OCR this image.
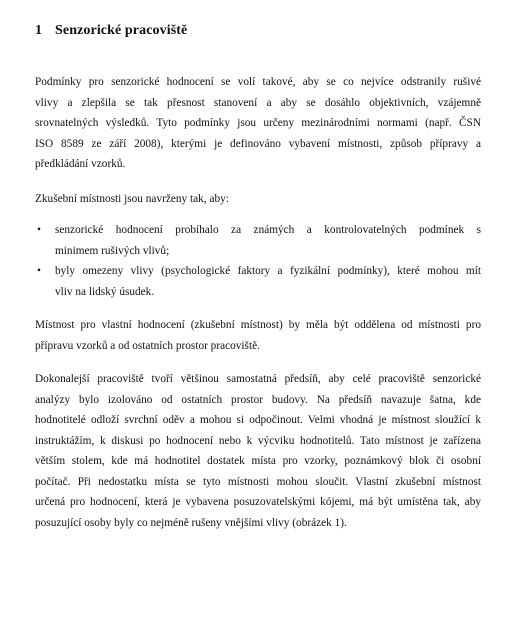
1 Senzorické pracoviště
Podmínky pro senzorické hodnocení se volí takové, aby se co nejvíce odstranily rušivé
vlivy a zlepšila se tak přesnost stanovení a aby se dosáhlo objektivních, vzájemně
srovnatelných výsledků. Tyto podmínky jsou určeny mezinárodními normami (např. ČSN
ISO 8589 ze září 2008), kterými je definováno vybavení místnosti, způsob přípravy a
předkládání vzorků.
Zkušební místnosti jsou navrženy tak, aby:
• senzorické hodnocení probíhalo za známých a kontrolovatelných podmínek s
minimem rušivých vlivů;
• byly omezeny vlivy (psychologické faktory a fyzikální podmínky), které mohou mít
vliv na lidský úsudek.
Místnost pro vlastní hodnocení (zkušební místnost) by měla být oddělena od místnosti pro
přípravu vzorků a od ostatních prostor pracoviště.
Dokonalejší pracoviště tvoří většinou samostatná předsíň, aby celé pracoviště senzorické
analýzy bylo izolováno od ostatních prostor budovy. Na předsíň navazuje šatna, kde
hodnotitelé odloží svrchní oděv a mohou si odpočinout. Velmi vhodná je místnost sloužící k
instruktážím, k diskusi po hodnocení nebo k výcviku hodnotitelů. Tato místnost je zařízena
větším stolem, kde má hodnotitel dostatek místa pro vzorky, poznámkový blok či osobní
počítač. Při nedostatku místa se tyto místnosti mohou sloučit. Vlastní zkušební místnost
určená pro hodnocení, která je vybavena posuzovatelskými kójemi, má být umístěna tak, aby
posuzující osoby byly co nejméně rušeny vnějšími vlivy (obrázek 1).
